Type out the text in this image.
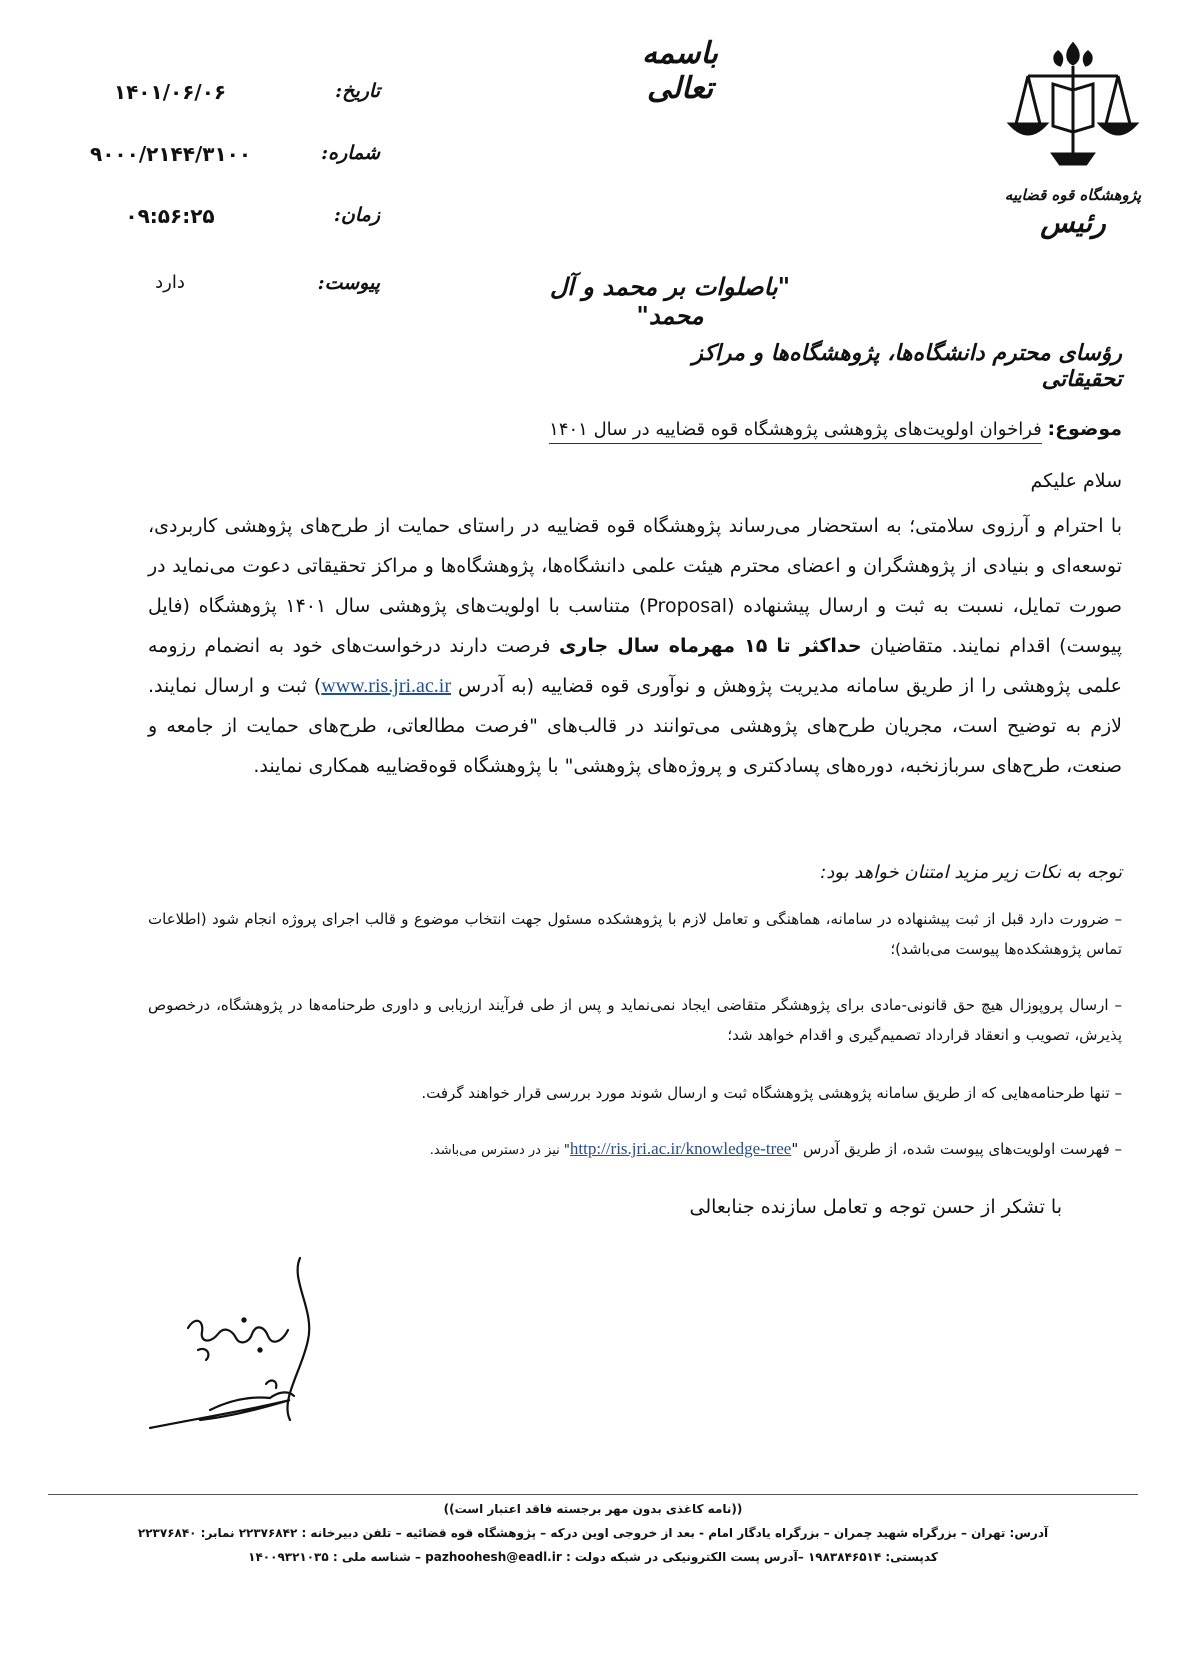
باسمه تعالی
"باصلوات بر محمد و آل محمد"
تاریخ:
۱۴۰۱/۰۶/۰۶
شماره:
۹۰۰۰/۲۱۴۴/۳۱۰۰
زمان:
۰۹:۵۶:۲۵
پیوست:
دارد
پژوهشگاه قوه قضاییه
رئیس
رؤسای محترم دانشگاه‌ها، پژوهشگاه‌ها و مراکز تحقیقاتی
موضوع: فراخوان اولویت‌های پژوهشی پژوهشگاه قوه قضاییه در سال ۱۴۰۱
سلام علیکم
با احترام و آرزوی سلامتی؛ به استحضار می‌رساند پژوهشگاه قوه قضاییه در راستای حمایت از طرح‌های پژوهشی کاربردی، توسعه‌ای و بنیادی از پژوهشگران و اعضای محترم هیئت علمی دانشگاه‌ها، پژوهشگاه‌ها و مراکز تحقیقاتی دعوت می‌نماید در صورت تمایل، نسبت به ثبت و ارسال پیشنهاده (Proposal) متناسب با اولویت‌های پژوهشی سال ۱۴۰۱ پژوهشگاه (فایل پیوست) اقدام نمایند. متقاضیان حداکثر تا ۱۵ مهرماه سال جاری فرصت دارند درخواست‌های خود به انضمام رزومه علمی پژوهشی را از طریق سامانه مدیریت پژوهش و نوآوری قوه قضاییه (به آدرس www.ris.jri.ac.ir) ثبت و ارسال نمایند. لازم به توضیح است، مجریان طرح‌های پژوهشی می‌توانند در قالب‌های "فرصت مطالعاتی، طرح‌های حمایت از جامعه و صنعت، طرح‌های سربازنخبه، دوره‌های پسادکتری و پروژه‌های پژوهشی" با پژوهشگاه قوه‌قضاییه همکاری نمایند.
توجه به نکات زیر مزید امتنان خواهد بود:
– ضرورت دارد قبل از ثبت پیشنهاده در سامانه، هماهنگی و تعامل لازم با پژوهشکده مسئول جهت انتخاب موضوع و قالب اجرای پروژه انجام شود (اطلاعات تماس پژوهشکده‌ها پیوست می‌باشد)؛
– ارسال پروپوزال هیچ حق قانونی-مادی برای پژوهشگر متقاضی ایجاد نمی‌نماید و پس از طی فرآیند ارزیابی و داوری طرحنامه‌ها در پژوهشگاه، درخصوص پذیرش، تصویب و انعقاد قرارداد تصمیم‌گیری و اقدام خواهد شد؛
– تنها طرحنامه‌هایی که از طریق سامانه پژوهشی پژوهشگاه ثبت و ارسال شوند مورد بررسی قرار خواهند گرفت.
– فهرست اولویت‌های پیوست شده، از طریق آدرس "http://ris.jri.ac.ir/knowledge-tree" نیز در دسترس می‌باشد.
با تشکر از حسن توجه و تعامل سازنده جنابعالی
((نامه کاغذی بدون مهر برجسته فاقد اعتبار است))
آدرس: تهران – بزرگراه شهید چمران – بزرگراه یادگار امام - بعد از خروجی اوین درکه – پژوهشگاه قوه قضائیه – تلفن دبیرخانه : ۲۲۳۷۶۸۴۲ نمابر: ۲۲۳۷۶۸۴۰
کدپستی: ۱۹۸۳۸۴۶۵۱۴ –آدرس پست الکترونیکی در شبکه دولت : pazhoohesh@eadl.ir – شناسه ملی : ۱۴۰۰۹۳۲۱۰۳۵
